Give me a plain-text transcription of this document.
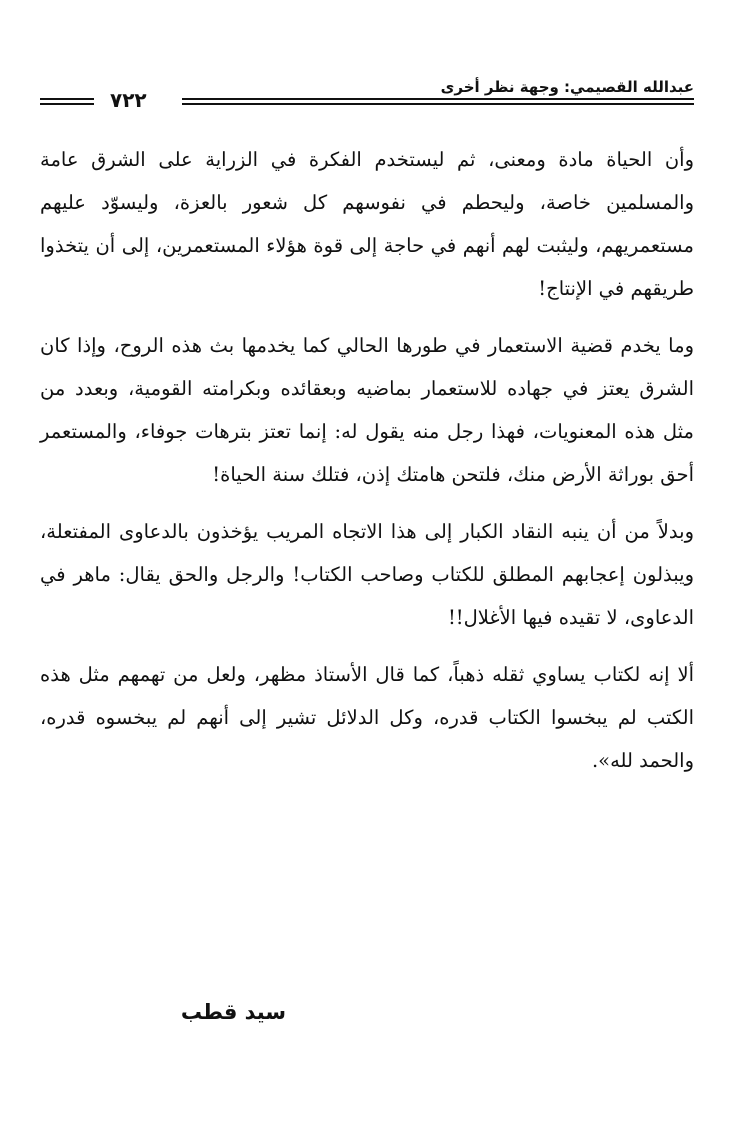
عبدالله القصيمي: وجهة نظر أخرى
٧٢٢

وأن الحياة مادة ومعنى، ثم ليستخدم الفكرة في الزراية على الشرق عامة والمسلمين خاصة، وليحطم في نفوسهم كل شعور بالعزة، وليسوّد عليهم مستعمريهم، وليثبت لهم أنهم في حاجة إلى قوة هؤلاء المستعمرين، إلى أن يتخذوا طريقهم في الإنتاج!

وما يخدم قضية الاستعمار في طورها الحالي كما يخدمها بث هذه الروح، وإذا كان الشرق يعتز في جهاده للاستعمار بماضيه وبعقائده وبكرامته القومية، وبعدد من مثل هذه المعنويات، فهذا رجل منه يقول له: إنما تعتز بترهات جوفاء، والمستعمر أحق بوراثة الأرض منك، فلتحن هامتك إذن، فتلك سنة الحياة!

وبدلاً من أن ينبه النقاد الكبار إلى هذا الاتجاه المريب يؤخذون بالدعاوى المفتعلة، ويبذلون إعجابهم المطلق للكتاب وصاحب الكتاب! والرجل والحق يقال: ماهر في الدعاوى، لا تقيده فيها الأغلال!!

ألا إنه لكتاب يساوي ثقله ذهباً، كما قال الأستاذ مظهر، ولعل من تهمهم مثل هذه الكتب لم يبخسوا الكتاب قدره، وكل الدلائل تشير إلى أنهم لم يبخسوه قدره، والحمد لله».

سيد قطب
